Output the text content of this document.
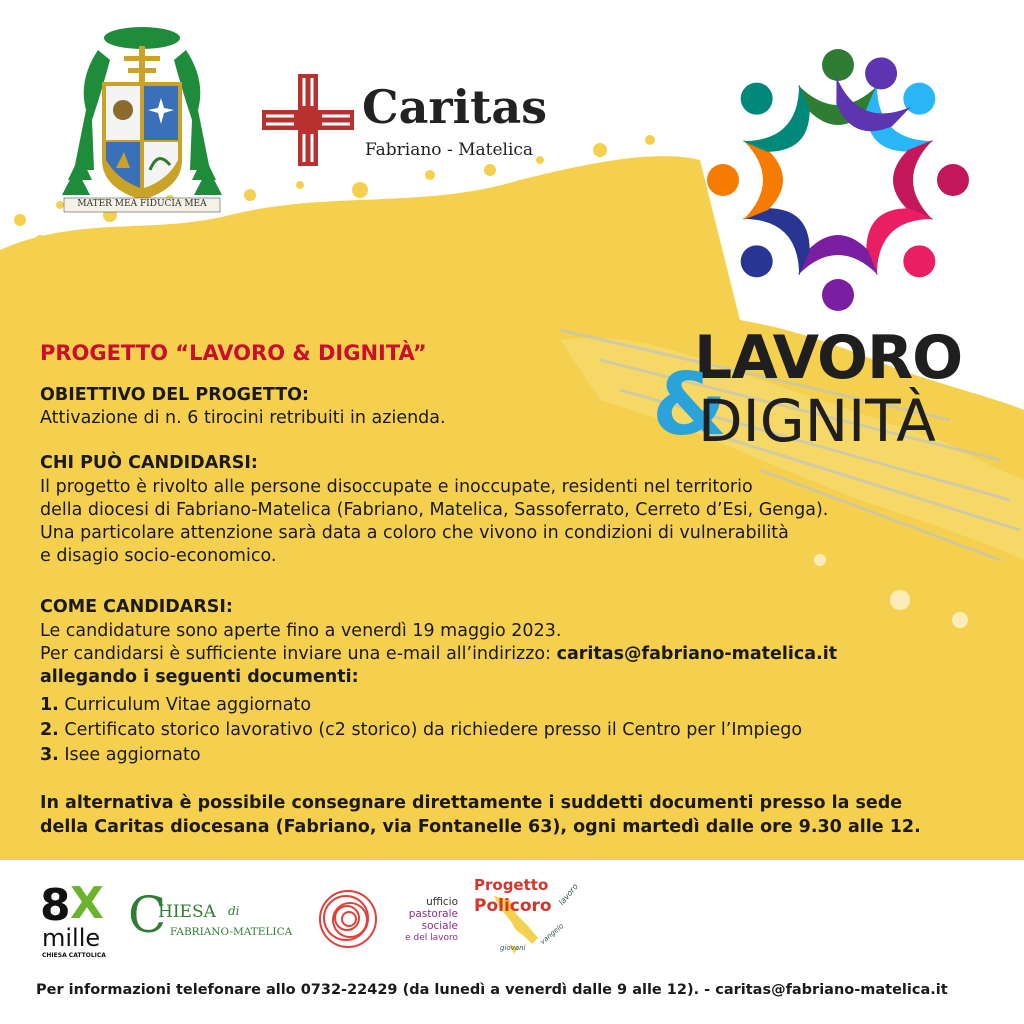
MATER MEA FIDUCIA MEA
Caritas
Fabriano - Matelica
LAVORO
&
DIGNITÀ
PROGETTO “LAVORO & DIGNITÀ”
OBIETTIVO DEL PROGETTO:
Attivazione di n. 6 tirocini retribuiti in azienda.
CHI PUÒ CANDIDARSI:
Il progetto è rivolto alle persone disoccupate e inoccupate, residenti nel territorio
della diocesi di Fabriano-Matelica (Fabriano, Matelica, Sassoferrato, Cerreto d’Esi, Genga).
Una particolare attenzione sarà data a coloro che vivono in condizioni di vulnerabilità
e disagio socio-economico.
COME CANDIDARSI:
Le candidature sono aperte fino a venerdì 19 maggio 2023.
Per candidarsi è sufficiente inviare una e-mail all’indirizzo: caritas@fabriano-matelica.it
allegando i seguenti documenti:
1. Curriculum Vitae aggiornato
2. Certificato storico lavorativo (c2 storico) da richiedere presso il Centro per l’Impiego
3. Isee aggiornato
In alternativa è possibile consegnare direttamente i suddetti documenti presso la sede
della Caritas diocesana (Fabriano, via Fontanelle 63), ogni martedì dalle ore 9.30 alle 12.
8 X
mille
CHIESA CATTOLICA
C
HIESA di
FABRIANO-MATELICA
ufficio
pastorale
sociale
e del lavoro
Progetto
Policoro lavoro
vangelo
giovani
Per informazioni telefonare allo 0732-22429 (da lunedì a venerdì dalle 9 alle 12). - caritas@fabriano-matelica.it
